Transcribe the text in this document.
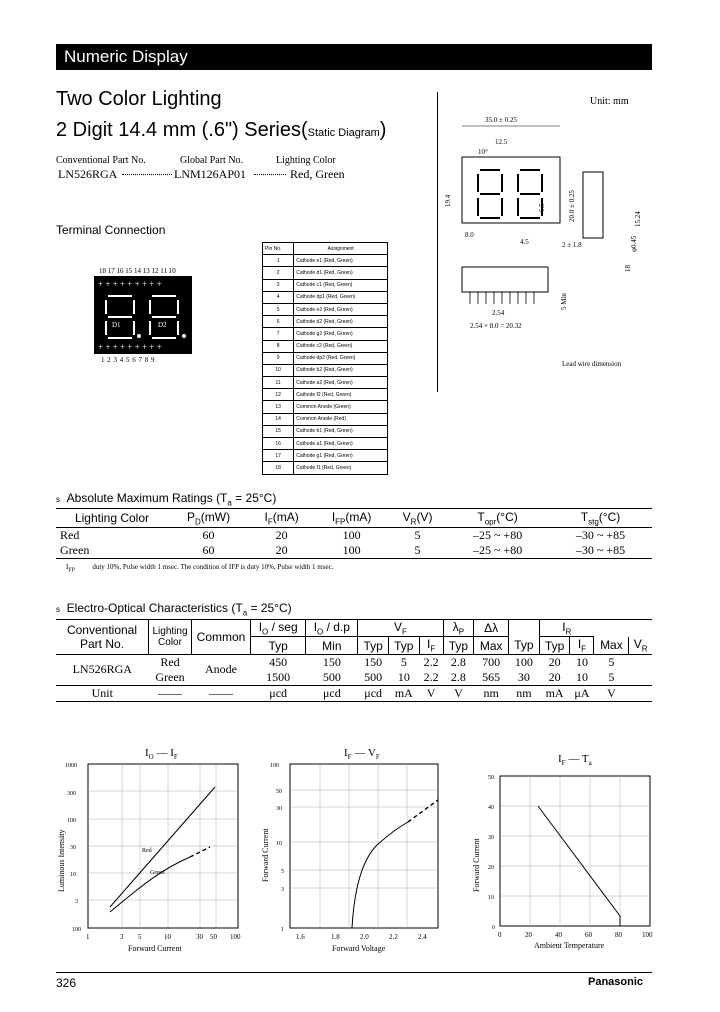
Numeric Display
Two Color Lighting
2 Digit 14.4 mm (.6") Series(Static Diagram)
Conventional Part No.	Global Part No.	Lighting Color
LN526RGA	LNM126AP01	Red, Green
Unit: mm
35.0 ± 0.25
12.5
10°
19.4
8.0
4.5
6.5	20.0 ± 0.25	15.24
2 ± 1.8
18
φ0.45
5 Min
2.54
2.54 × 8.0 = 20.32
Lead wire dimension
Terminal Connection
18 17 16 15 14 13 12 11 10
+ + + + + + + + +
+ + + + + + + + +
D1	D2
1 2 3 4 5 6 7 8 9
Pin No.	Assignment
1	Cathode e1 (Red, Green)
2	Cathode d1 (Red, Green)
3	Cathode c1 (Red, Green)
4	Cathode dp1 (Red, Green)
5	Cathode e2 (Red, Green)
6	Cathode d2 (Red, Green)
7	Cathode g2 (Red, Green)
8	Cathode c2 (Red, Green)
9	Cathode dp2 (Red, Green)
10	Cathode b2 (Red, Green)
11	Cathode a2 (Red, Green)
12	Cathode f2 (Red, Green)
13	Common Anode (Green)
14	Common Anode (Red)
15	Cathode b1 (Red, Green)
16	Cathode a1 (Red, Green)
17	Cathode g1 (Red, Green)
18	Cathode f1 (Red, Green)
s Absolute Maximum Ratings $(T_a = 25^\circ C)$
Lighting Color	$P_D(mW)$	$I_F(mA)$	$I_{FP}(mA)$	$V_R(V)$	$T_{opr}(^\circ C)$	$T_{stg}(^\circ C)$
Red	60	20	100	5	–25 ~ +80	–30 ~ +85
Green	60	20	100	5	–25 ~ +80	–30 ~ +85
$I_{FP}$	duty 10%, Pulse width 1 msec. The condition of IFP is duty 10%, Pulse width 1 msec.
s Electro-Optical Characteristics $(T_a = 25^\circ C)$
Conventional Part No.	Lighting Color	Common	$I_O$ / seg	$I_O / d.p$	$V_F$			$\lambda_P$	Δλ		$I_R$
			Typ	Min	Typ	Typ	$I_F$	Typ	Max	Typ	Typ	$I_F$	Max	$V_R$
LN526RGA	Red	Anode	450	150	150	5	2.2	2.8	700	100	20	10	5	
	Green		1500	500	500	10	2.2	2.8	565	30	20	10	5	
Unit	——	——	μcd	μcd	μcd	mA	V	V	nm	nm	mA	μA	V	
$I_O$ — $I_F$
Red
Green
1000
300
100
30
10
3
100
1	3 5	10	30 50 100
Forward Current
Luminous Intensity
$I_F$ — $V_F$
100
50
30
10
5
3
1
1.6	1.8	2.0	2.2	2.4
Forward Voltage
Forward Current
$I_F$ — $T_a$
50
40
30
20
10
0
0	20	40	60	80	100
Ambient Temperature
Forward Current
326	Panasonic
